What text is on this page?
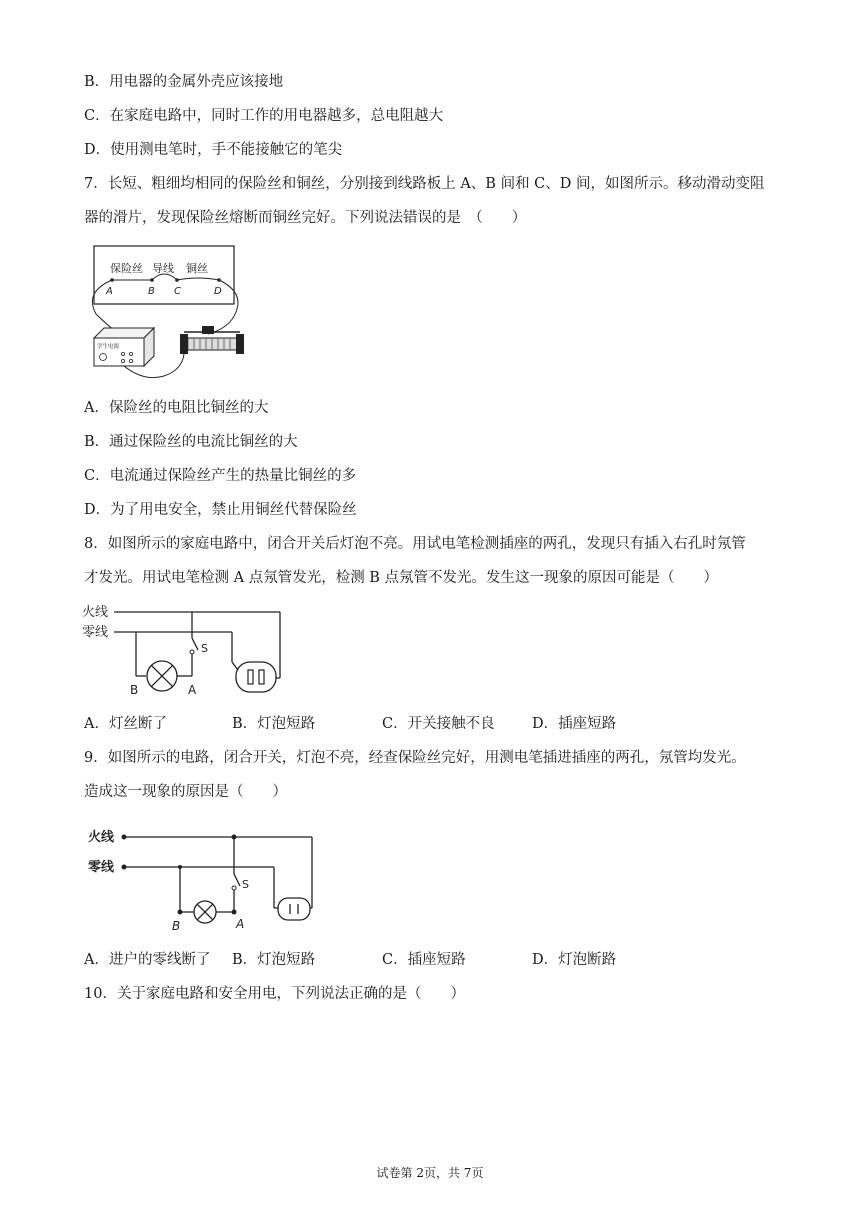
B．用电器的金属外壳应该接地
C．在家庭电路中，同时工作的用电器越多，总电阻越大
D．使用测电笔时，手不能接触它的笔尖
7．长短、粗细均相同的保险丝和铜丝，分别接到线路板上 A、B 间和 C、D 间，如图所示。移动滑动变阻
器的滑片，发现保险丝熔断而铜丝完好。下列说法错误的是　（　　）
保险丝 导线 铜丝
A	B C	D
学生电源
A．保险丝的电阻比铜丝的大
B．通过保险丝的电流比铜丝的大
C．电流通过保险丝产生的热量比铜丝的多
D．为了用电安全，禁止用铜丝代替保险丝
8．如图所示的家庭电路中，闭合开关后灯泡不亮。用试电笔检测插座的两孔，发现只有插入右孔时氖管
才发光。用试电笔检测 A 点氖管发光，检测 B 点氖管不发光。发生这一现象的原因可能是（　　）
火线
零线
S
B	A
A．灯丝断了	B．灯泡短路	C．开关接触不良	D．插座短路
9．如图所示的电路，闭合开关，灯泡不亮，经查保险丝完好，用测电笔插进插座的两孔，氖管均发光。
造成这一现象的原因是（　　）
火线
零线
S
B	A
A．进户的零线断了 B．灯泡短路	C．插座短路	D．灯泡断路
10．关于家庭电路和安全用电，下列说法正确的是（　　）
试卷第 2页，共 7页
